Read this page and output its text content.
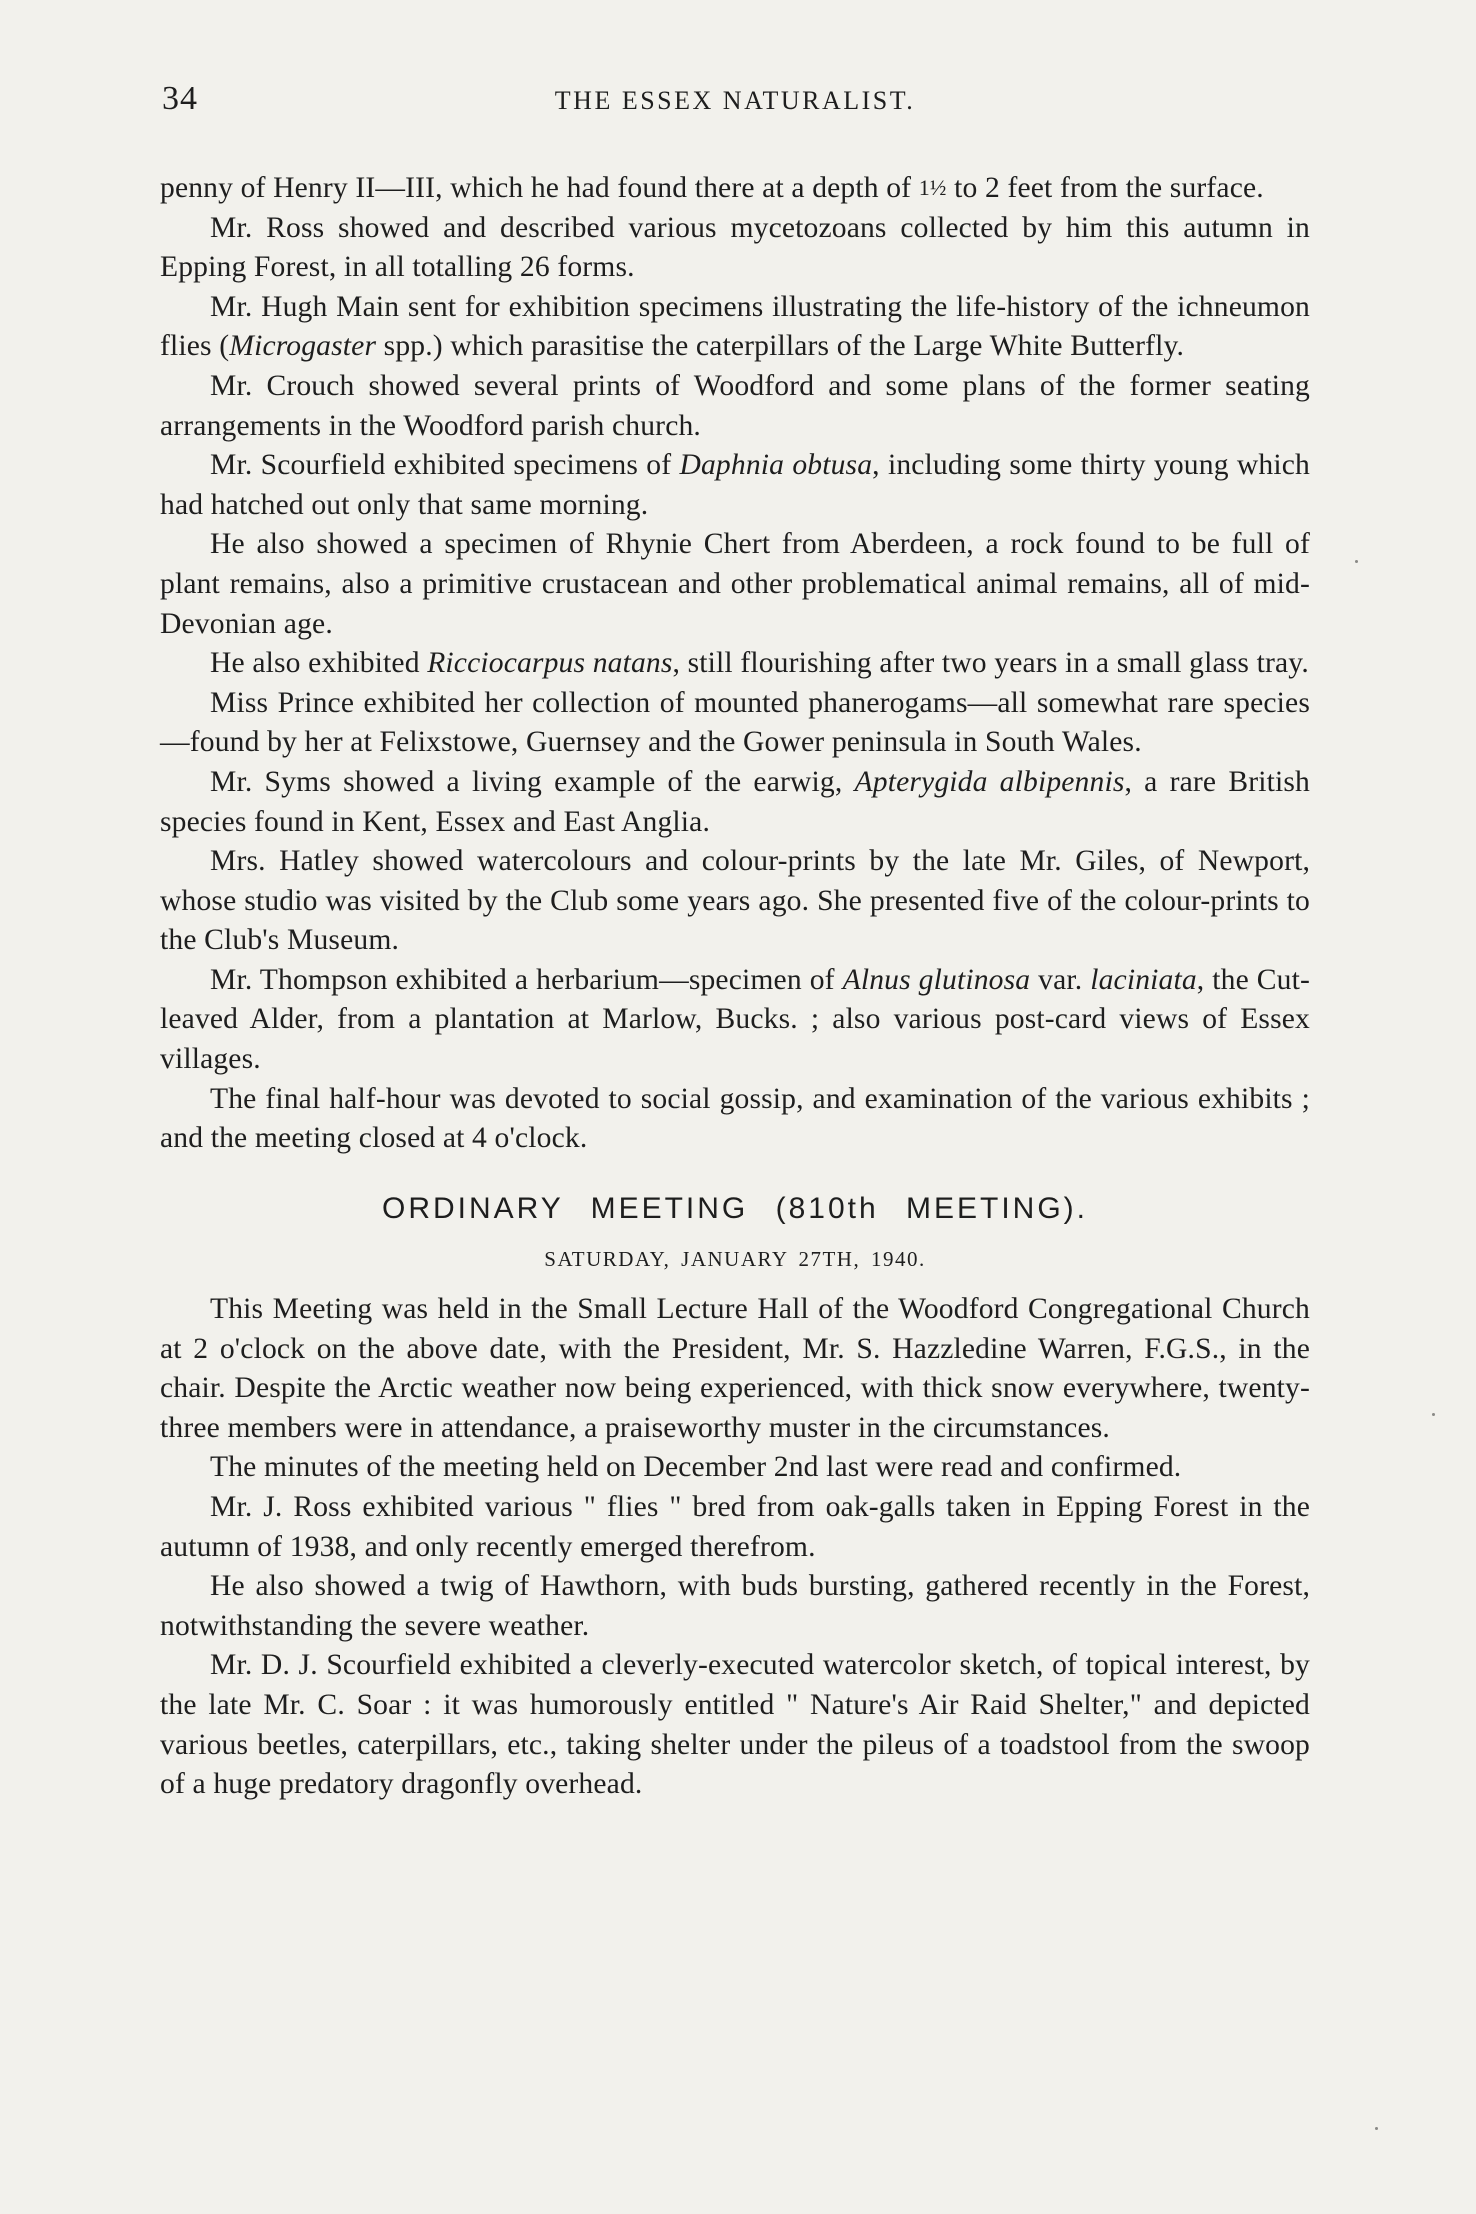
34	THE ESSEX NATURALIST.

penny of Henry II—III, which he had found there at a depth of 1½ to 2 feet from the surface.

Mr. Ross showed and described various mycetozoans collected by him this autumn in Epping Forest, in all totalling 26 forms.

Mr. Hugh Main sent for exhibition specimens illustrating the life-history of the ichneumon flies (Microgaster spp.) which parasitise the caterpillars of the Large White Butterfly.

Mr. Crouch showed several prints of Woodford and some plans of the former seating arrangements in the Woodford parish church.

Mr. Scourfield exhibited specimens of Daphnia obtusa, including some thirty young which had hatched out only that same morning.

He also showed a specimen of Rhynie Chert from Aberdeen, a rock found to be full of plant remains, also a primitive crustacean and other problematical animal remains, all of mid-Devonian age.

He also exhibited Ricciocarpus natans, still flourishing after two years in a small glass tray.

Miss Prince exhibited her collection of mounted phanerogams—all somewhat rare species—found by her at Felixstowe, Guernsey and the Gower peninsula in South Wales.

Mr. Syms showed a living example of the earwig, Apterygida albipennis, a rare British species found in Kent, Essex and East Anglia.

Mrs. Hatley showed watercolours and colour-prints by the late Mr. Giles, of Newport, whose studio was visited by the Club some years ago. She presented five of the colour-prints to the Club's Museum.

Mr. Thompson exhibited a herbarium—specimen of Alnus glutinosa var. laciniata, the Cut-leaved Alder, from a plantation at Marlow, Bucks. ; also various post-card views of Essex villages.

The final half-hour was devoted to social gossip, and examination of the various exhibits ; and the meeting closed at 4 o'clock.

ORDINARY MEETING (810th MEETING).
SATURDAY, JANUARY 27TH, 1940.

This Meeting was held in the Small Lecture Hall of the Woodford Congregational Church at 2 o'clock on the above date, with the President, Mr. S. Hazzledine Warren, F.G.S., in the chair. Despite the Arctic weather now being experienced, with thick snow everywhere, twenty-three members were in attendance, a praiseworthy muster in the circumstances.

The minutes of the meeting held on December 2nd last were read and confirmed.

Mr. J. Ross exhibited various " flies " bred from oak-galls taken in Epping Forest in the autumn of 1938, and only recently emerged therefrom.

He also showed a twig of Hawthorn, with buds bursting, gathered recently in the Forest, notwithstanding the severe weather.

Mr. D. J. Scourfield exhibited a cleverly-executed watercolor sketch, of topical interest, by the late Mr. C. Soar : it was humorously entitled " Nature's Air Raid Shelter," and depicted various beetles, caterpillars, etc., taking shelter under the pileus of a toadstool from the swoop of a huge predatory dragonfly overhead.
